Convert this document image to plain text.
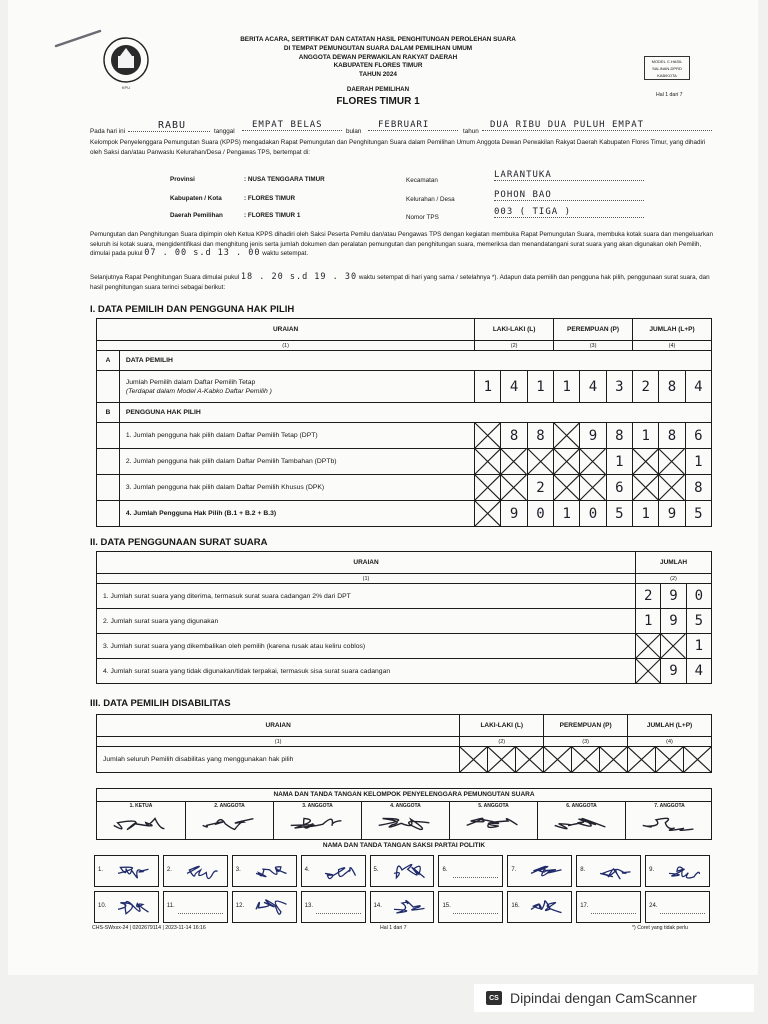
KPU
BERITA ACARA, SERTIFIKAT DAN CATATAN HASIL PENGHITUNGAN PEROLEHAN SUARA
DI TEMPAT PEMUNGUTAN SUARA DALAM PEMILIHAN UMUM
ANGGOTA DEWAN PERWAKILAN RAKYAT DAERAH
KABUPATEN FLORES TIMUR
TAHUN 2024
DAERAH PEMILIHAN
FLORES TIMUR 1
MODEL C.HASIL
SALINAN-DPRD
KAB/KOTA
Hal 1 dari 7
Pada hari ini
RABU
tanggal
EMPAT BELAS
bulan
FEBRUARI
tahun
DUA RIBU DUA PULUH EMPAT
Kelompok Penyelenggara Pemungutan Suara (KPPS) mengadakan Rapat Pemungutan dan Penghitungan Suara dalam Pemilihan Umum Anggota Dewan Perwakilan Rakyat Daerah Kabupaten Flores Timur, yang dihadiri oleh Saksi dan/atau Panwaslu Kelurahan/Desa / Pengawas TPS, bertempat di:
Provinsi	: NUSA TENGGARA TIMUR
Kabupaten / Kota	: FLORES TIMUR
Daerah Pemilihan	: FLORES TIMUR 1
Kecamatan
LARANTUKA
Kelurahan / Desa	POHON BAO
Nomor TPS
003 ( TIGA )
Pemungutan dan Penghitungan Suara dipimpin oleh Ketua KPPS dihadiri oleh Saksi Peserta Pemilu dan/atau Pengawas TPS dengan kegiatan membuka Rapat Pemungutan Suara, membuka kotak suara dan mengeluarkan seluruh isi kotak suara, mengidentifikasi dan menghitung jenis serta jumlah dokumen dan peralatan pemungutan dan penghitungan suara, memeriksa dan menandatangani surat suara yang akan digunakan oleh Pemilih, dimulai pada pukul 07 . 00 s.d 13 . 00 waktu setempat.
Selanjutnya Rapat Penghitungan Suara dimulai pukul 18 . 20 s.d 19 . 30 waktu setempat di hari yang sama / setelahnya *). Adapun data pemilih dan pengguna hak pilih, penggunaan surat suara, dan hasil penghitungan suara terinci sebagai berikut:
I. DATA PEMILIH DAN PENGGUNA HAK PILIH
URAIAN		LAKI-LAKI (L)			PEREMPUAN (P)			JUMLAH (L+P)		
(1)		(2)			(3)			(4)		
A	DATA PEMILIH									

	Jumlah Pemilih dalam Daftar Pemilih Tetap
(Terdapat dalam Model A-Kabko Daftar Pemilih )	1	4	1	1	4	3	2	8	4
B	PENGGUNA HAK PILIH									
	1. Jumlah pengguna hak pilih dalam Daftar Pemilih Tetap (DPT)		8	8		9	8	1	8	6
	2. Jumlah pengguna hak pilih dalam Daftar Pemilih Tambahan (DPTb)						1			1
	3. Jumlah pengguna hak pilih dalam Daftar Pemilih Khusus (DPK)			2			6			8
	4. Jumlah Pengguna Hak Pilih (B.1 + B.2 + B.3)		9	0	1	0	5	1	9	5
II. DATA PENGGUNAAN SURAT SUARA
URAIAN	JUMLAH		
(1)	(2)		
1. Jumlah surat suara yang diterima, termasuk surat suara cadangan 2% dari DPT	2	9	0
2. Jumlah surat suara yang digunakan	1	9	5
3. Jumlah surat suara yang dikembalikan oleh pemilih (karena rusak atau keliru coblos)			1
4. Jumlah surat suara yang tidak digunakan/tidak terpakai, termasuk sisa surat suara cadangan		9	4
III. DATA PEMILIH DISABILITAS
URAIAN	LAKI-LAKI (L)			PEREMPUAN (P)			JUMLAH (L+P)		
(1)	(2)			(3)			(4)		
Jumlah seluruh Pemilih disabilitas yang menggunakan hak pilih	

NAMA DAN TANDA TANGAN KELOMPOK PENYELENGGARA PEMUNGUTAN SUARA
1. KETUA	2. ANGGOTA	3. ANGGOTA	4. ANGGOTA	5. ANGGOTA	6. ANGGOTA	7. ANGGOTA
NAMA DAN TANDA TANGAN SAKSI PARTAI POLITIK
1.	2.	3.	4.	5.	6.	7.	8.	9.
10.	11.	12.	13.	14.	15.	16.	17.	24.
CHS-SWxxx-24 | 0202679114 | 2023-11-14 16:16	Hal 1 dari 7	*) Coret yang tidak perlu
CS Dipindai dengan CamScanner
